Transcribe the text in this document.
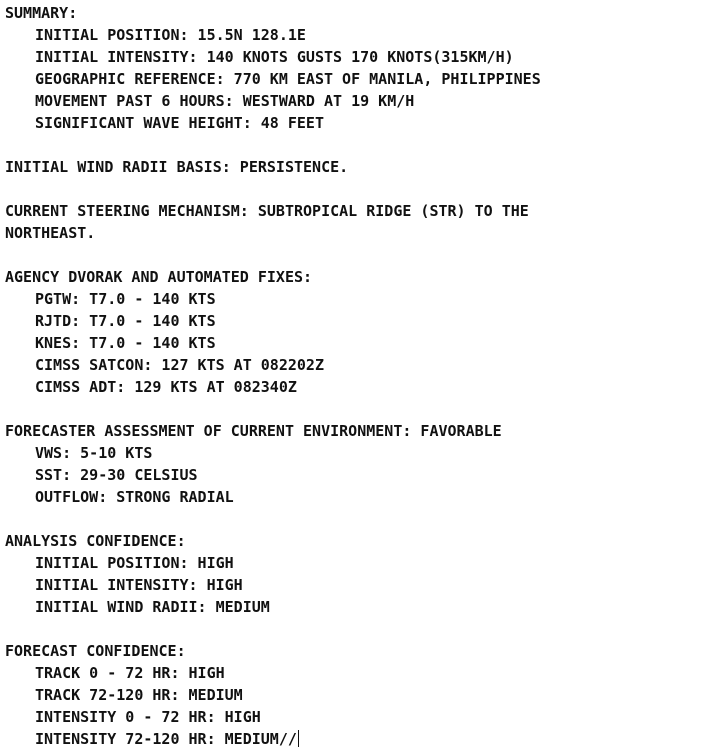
SUMMARY:
INITIAL POSITION: 15.5N 128.1E
INITIAL INTENSITY: 140 KNOTS GUSTS 170 KNOTS(315KM/H)
GEOGRAPHIC REFERENCE: 770 KM EAST OF MANILA, PHILIPPINES
MOVEMENT PAST 6 HOURS: WESTWARD AT 19 KM/H
SIGNIFICANT WAVE HEIGHT: 48 FEET
INITIAL WIND RADII BASIS: PERSISTENCE.
CURRENT STEERING MECHANISM: SUBTROPICAL RIDGE (STR) TO THE
NORTHEAST.
AGENCY DVORAK AND AUTOMATED FIXES:
PGTW: T7.0 - 140 KTS
RJTD: T7.0 - 140 KTS
KNES: T7.0 - 140 KTS
CIMSS SATCON: 127 KTS AT 082202Z
CIMSS ADT: 129 KTS AT 082340Z
FORECASTER ASSESSMENT OF CURRENT ENVIRONMENT: FAVORABLE
VWS: 5-10 KTS
SST: 29-30 CELSIUS
OUTFLOW: STRONG RADIAL
ANALYSIS CONFIDENCE:
INITIAL POSITION: HIGH
INITIAL INTENSITY: HIGH
INITIAL WIND RADII: MEDIUM
FORECAST CONFIDENCE:
TRACK 0 - 72 HR: HIGH
TRACK 72-120 HR: MEDIUM
INTENSITY 0 - 72 HR: HIGH
INTENSITY 72-120 HR: MEDIUM//
